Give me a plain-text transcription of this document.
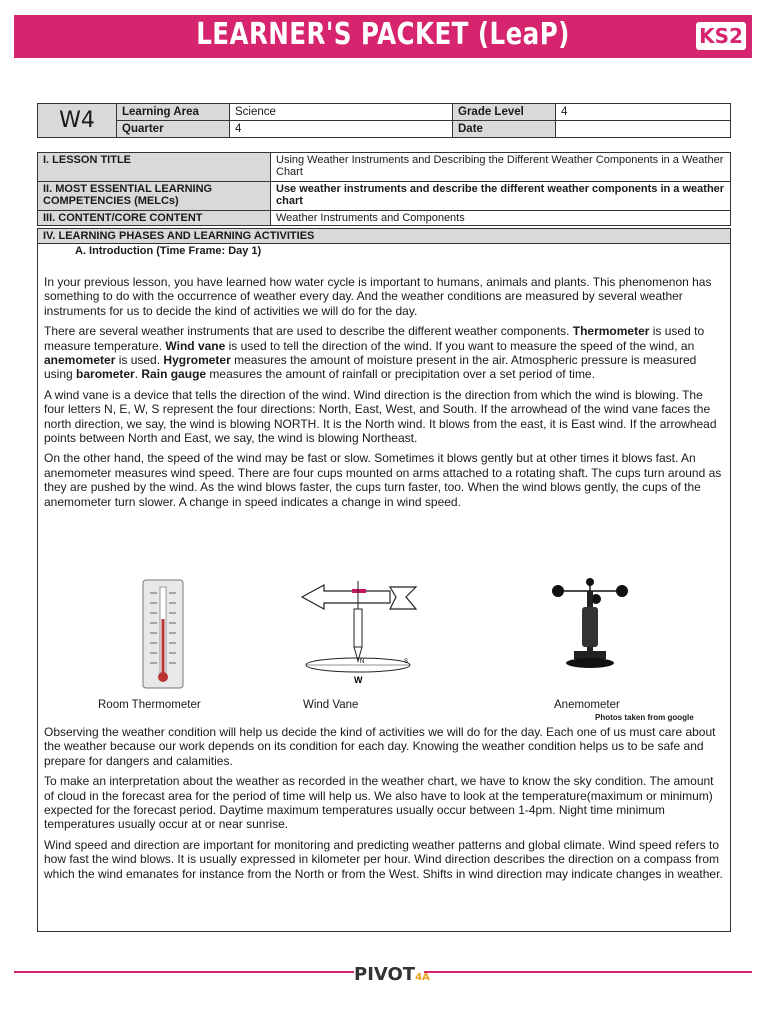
LEARNER'S PACKET (LeaP)	KS2
W4	Learning Area	Science	Grade Level	4
	Quarter	4	Date	
I. LESSON TITLE	Using Weather Instruments and Describing the Different Weather Components in a Weather Chart
II. MOST ESSENTIAL LEARNING COMPETENCIES (MELCs)	Use weather instruments and describe the different weather components in a weather chart
III. CONTENT/CORE CONTENT	Weather Instruments and Components
IV. LEARNING PHASES AND LEARNING ACTIVITIES
A. Introduction (Time Frame: Day 1)

In your previous lesson, you have learned how water cycle is important to humans, animals and plants. This phenomenon has something to do with the occurrence of weather every day. And the weather conditions are measured by several weather instruments for us to decide the kind of activities we will do for the day.

There are several weather instruments that are used to describe the different weather components. Thermometer is used to measure temperature. Wind vane is used to tell the direction of the wind. If you want to measure the speed of the wind, an anemometer is used. Hygrometer measures the amount of moisture present in the air. Atmospheric pressure is measured using barometer. Rain gauge measures the amount of rainfall or precipitation over a set period of time.

A wind vane is a device that tells the direction of the wind. Wind direction is the direction from which the wind is blowing. The four letters N, E, W, S represent the four directions: North, East, West, and South. If the arrowhead of the wind vane faces the north direction, we say, the wind is blowing NORTH. It is the North wind. It blows from the east, it is East wind. If the arrowhead points between North and East, we say, the wind is blowing Northeast.

On the other hand, the speed of the wind may be fast or slow. Sometimes it blows gently but at other times it blows fast. An anemometer measures wind speed. There are four cups mounted on arms attached to a rotating shaft. The cups turn around as they are pushed by the wind. As the wind blows faster, the cups turn faster, too. When the wind blows gently, the cups of the anemometer turn slower. A change in speed indicates a change in wind speed.

N	S
W
Room Thermometer	Wind Vane	Anemometer
Photos taken from google

Observing the weather condition will help us decide the kind of activities we will do for the day. Each one of us must care about the weather because our work depends on its condition for each day. Knowing the weather condition helps us to be safe and prepare for dangers and calamities.

To make an interpretation about the weather as recorded in the weather chart, we have to know the sky condition. The amount of cloud in the forecast area for the period of time will help us. We also have to look at the temperature(maximum or minimum) expected for the forecast period. Daytime maximum temperatures usually occur between 1-4pm. Night time minimum temperatures usually occur at or near sunrise.

Wind speed and direction are important for monitoring and predicting weather patterns and global climate. Wind speed refers to how fast the wind blows. It is usually expressed in kilometer per hour. Wind direction describes the direction on a compass from which the wind emanates for instance from the North or from the West. Shifts in wind direction may indicate changes in weather.

PIVOT4A
